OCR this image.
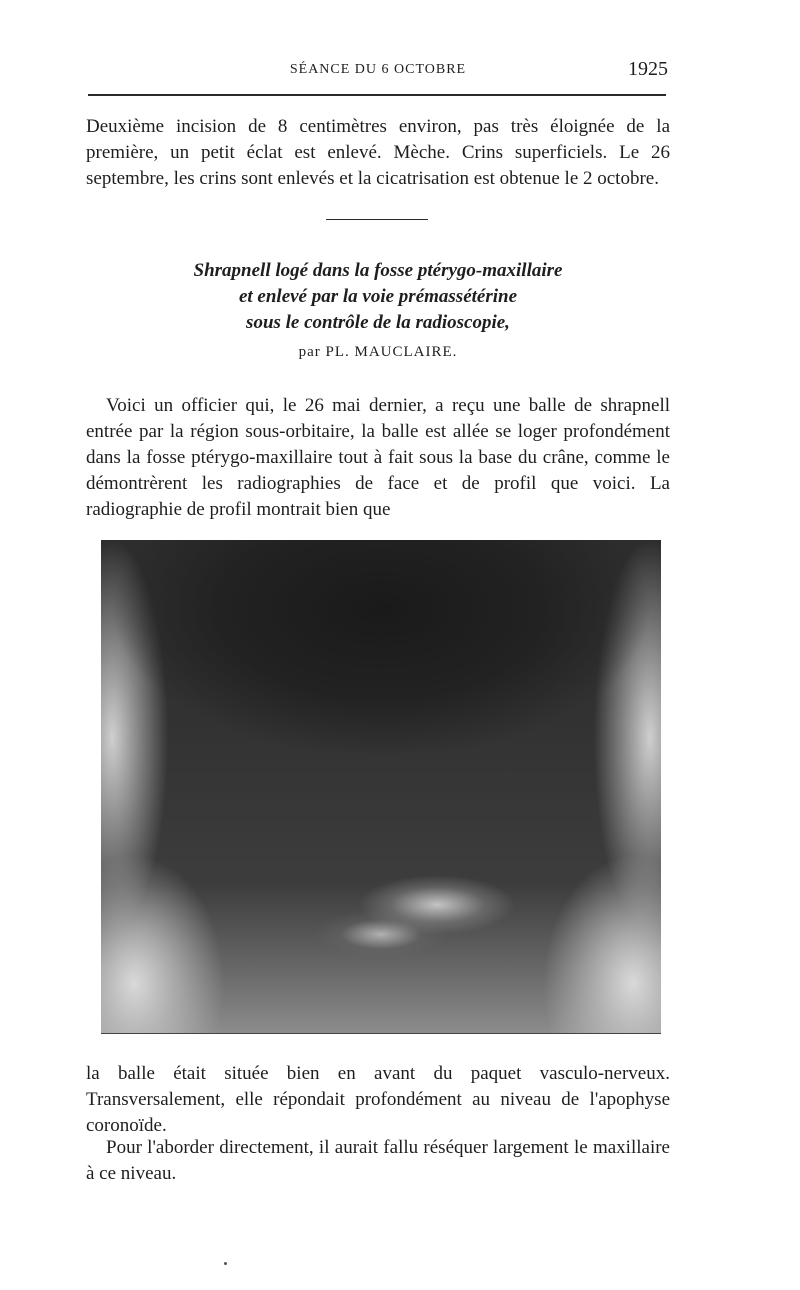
SÉANCE DU 6 OCTOBRE	1925

Deuxième incision de 8 centimètres environ, pas très éloignée de la première, un petit éclat est enlevé. Mèche. Crins superficiels. Le 26 septembre, les crins sont enlevés et la cicatrisation est obtenue le 2 octobre.

Shrapnell logé dans la fosse ptérygo-maxillaire
et enlevé par la voie prémassétérine
sous le contrôle de la radioscopie,
par PL. MAUCLAIRE.

Voici un officier qui, le 26 mai dernier, a reçu une balle de shrapnell entrée par la région sous-orbitaire, la balle est allée se loger profondément dans la fosse ptérygo-maxillaire tout à fait sous la base du crâne, comme le démontrèrent les radiographies de face et de profil que voici. La radiographie de profil montrait bien que

la balle était située bien en avant du paquet vasculo-nerveux. Transversalement, elle répondait profondément au niveau de l'apophyse coronoïde.

Pour l'aborder directement, il aurait fallu réséquer largement le maxillaire à ce niveau.
